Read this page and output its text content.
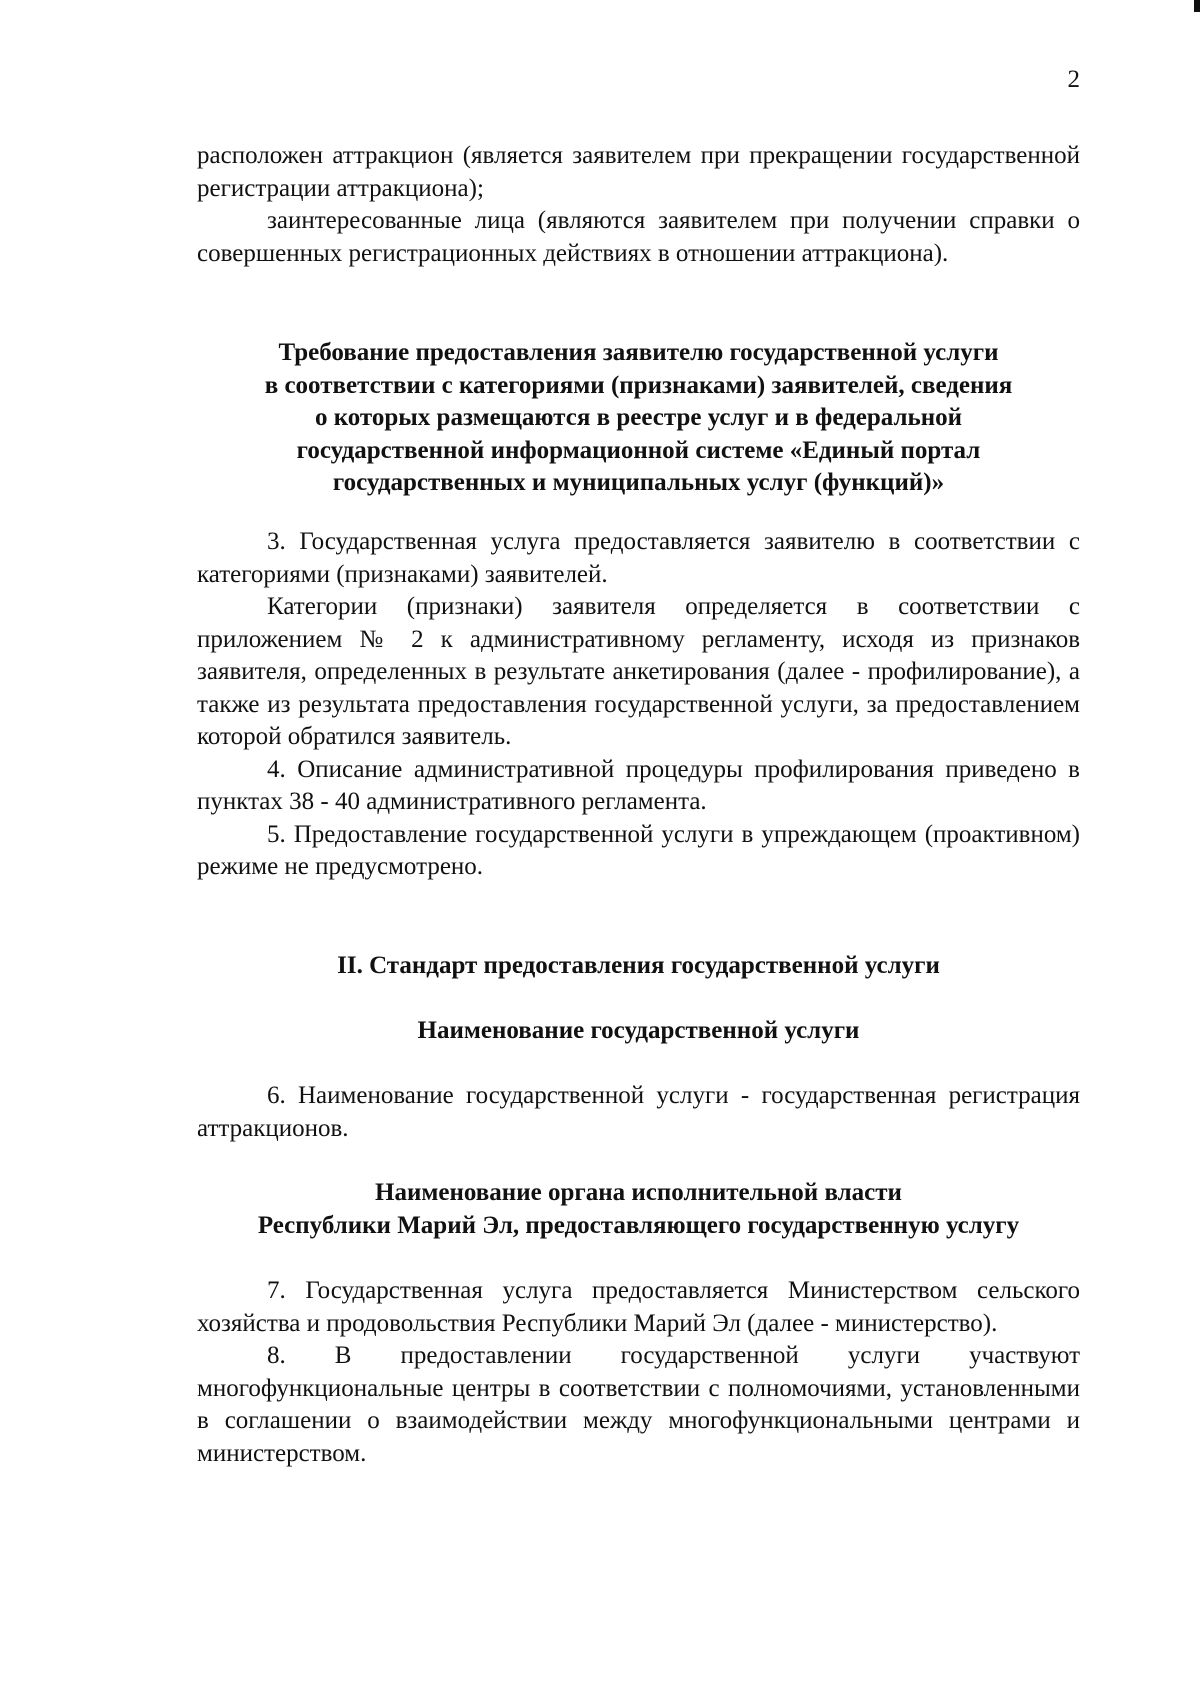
2

расположен аттракцион (является заявителем при прекращении государственной регистрации аттракциона);

заинтересованные лица (являются заявителем при получении справки о совершенных регистрационных действиях в отношении аттракциона).

Требование предоставления заявителю государственной услуги
в соответствии с категориями (признаками) заявителей, сведения
о которых размещаются в реестре услуг и в федеральной
государственной информационной системе «Единый портал
государственных и муниципальных услуг (функций)»

3. Государственная услуга предоставляется заявителю в соответствии с категориями (признаками) заявителей.

Категории (признаки) заявителя определяется в соответствии с приложением № 2 к административному регламенту, исходя из признаков заявителя, определенных в результате анкетирования (далее - профилирование), а также из результата предоставления государственной услуги, за предоставлением которой обратился заявитель.

4. Описание административной процедуры профилирования приведено в пунктах 38 - 40 административного регламента.

5. Предоставление государственной услуги в упреждающем (проактивном) режиме не предусмотрено.

II. Стандарт предоставления государственной услуги

Наименование государственной услуги

6. Наименование государственной услуги - государственная регистрация аттракционов.

Наименование органа исполнительной власти
Республики Марий Эл, предоставляющего государственную услугу

7. Государственная услуга предоставляется Министерством сельского хозяйства и продовольствия Республики Марий Эл (далее - министерство).

8. В предоставлении государственной услуги участвуют многофункциональные центры в соответствии с полномочиями, установленными в соглашении о взаимодействии между многофункциональными центрами и министерством.
